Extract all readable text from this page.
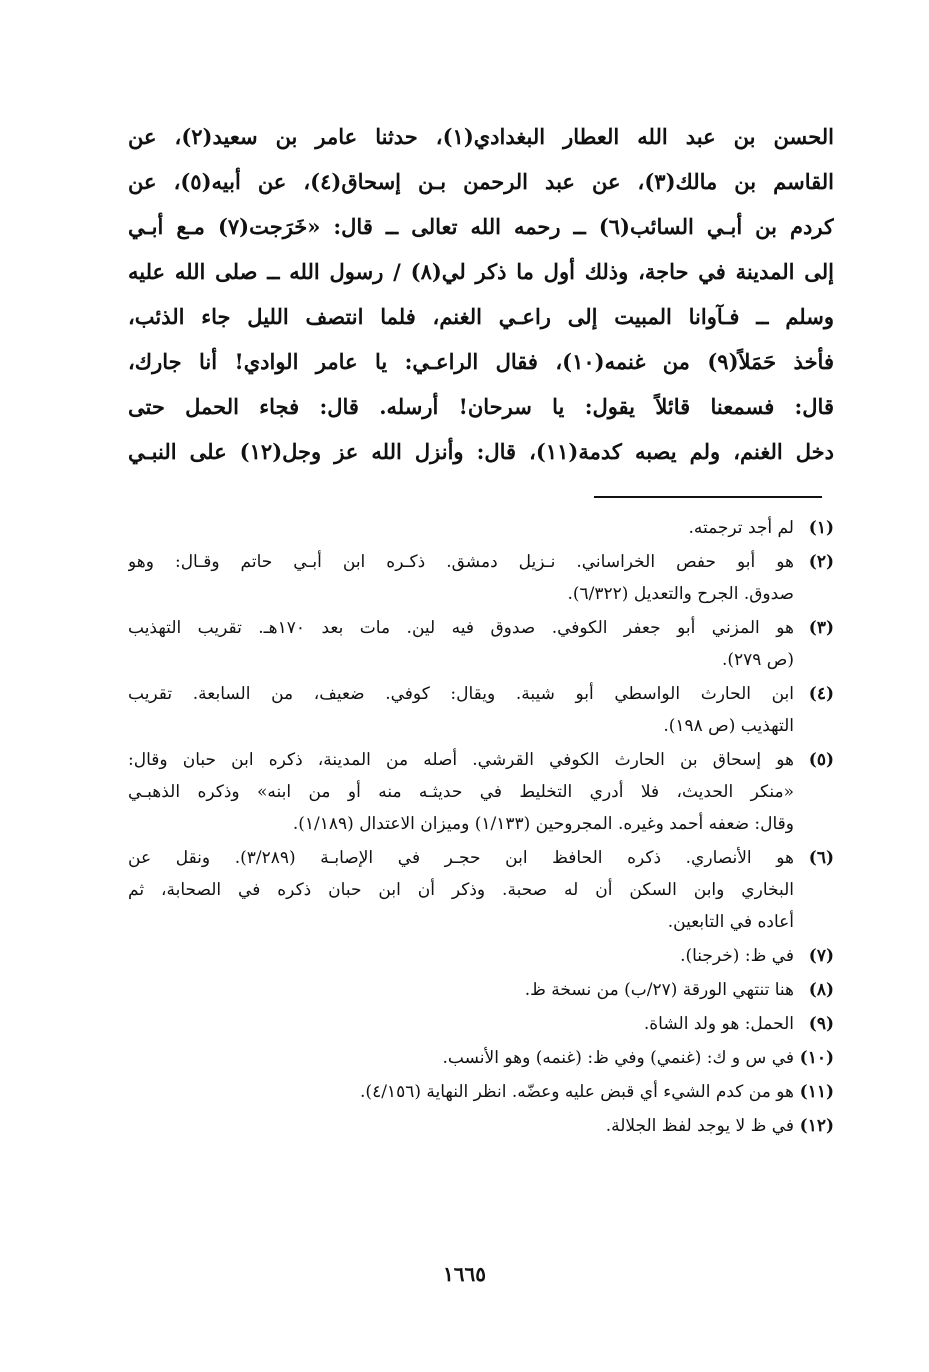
الحسن بن عبد الله العطار البغدادي(١)، حدثنا عامر بن سعيد(٢)، عن
القاسم بن مالك(٣)، عن عبد الرحمن بـن إسحاق(٤)، عن أبيه(٥)، عن
كردم بن أبـي السائب(٦) ــ رحمه الله تعالى ــ قال: «خَرَجت(٧) مـع أبـي
إلى المدينة في حاجة، وذلك أول ما ذكر لي(٨) / رسول الله ــ صلى الله عليه
وسلم ــ فـآوانا المبيت إلى راعـي الغنم، فلما انتصف الليل جاء الذئب،
فأخذ حَمَلاً(٩) من غنمه(١٠)، فقال الراعـي: يا عامر الوادي! أنا جارك،
قال: فسمعنا قائلاً يقول: يا سرحان! أرسله. قال: فجاء الحمل حتى
دخل الغنم، ولم يصبه كدمة(١١)، قال: وأنزل الله عز وجل(١٢) على النبـي
(١)
لم أجد ترجمته.
(٢)
هو أبو حفص الخراساني. نـزيل دمشق. ذكـره ابن أبـي حاتم وقـال: وهو
صدوق. الجرح والتعديل (٦/٣٢٢).
(٣)
هو المزني أبو جعفر الكوفي. صدوق فيه لين. مات بعد ١٧٠هـ. تقريب التهذيب
(ص ٢٧٩).
(٤)
ابن الحارث الواسطي أبو شيبة. ويقال: كوفي. ضعيف، من السابعة. تقريب
التهذيب (ص ١٩٨).
(٥)
هو إسحاق بن الحارث الكوفي القرشي. أصله من المدينة، ذكره ابن حبان وقال:
«منكر الحديث، فلا أدري التخليط في حديثـه منه أو من ابنه» وذكره الذهبـي
وقال: ضعفه أحمد وغيره. المجروحين (١/١٣٣) وميزان الاعتدال (١/١٨٩).
(٦)
هو الأنصاري. ذكره الحافظ ابن حجـر في الإصابـة (٣/٢٨٩). ونقل عن
البخاري وابن السكن أن له صحبة. وذكر أن ابن حبان ذكره في الصحابة، ثم
أعاده في التابعين.
(٧)
في ظ: (خرجنا).
(٨)
هنا تنتهي الورقة (٢٧/ب) من نسخة ظ.
(٩)
الحمل: هو ولد الشاة.
(١٠)
في س و ك: (غنمي) وفي ظ: (غنمه) وهو الأنسب.
(١١)
هو من كدم الشيء أي قبض عليه وعضّه. انظر النهاية (٤/١٥٦).
(١٢)
في ظ لا يوجد لفظ الجلالة.
١٦٦٥
